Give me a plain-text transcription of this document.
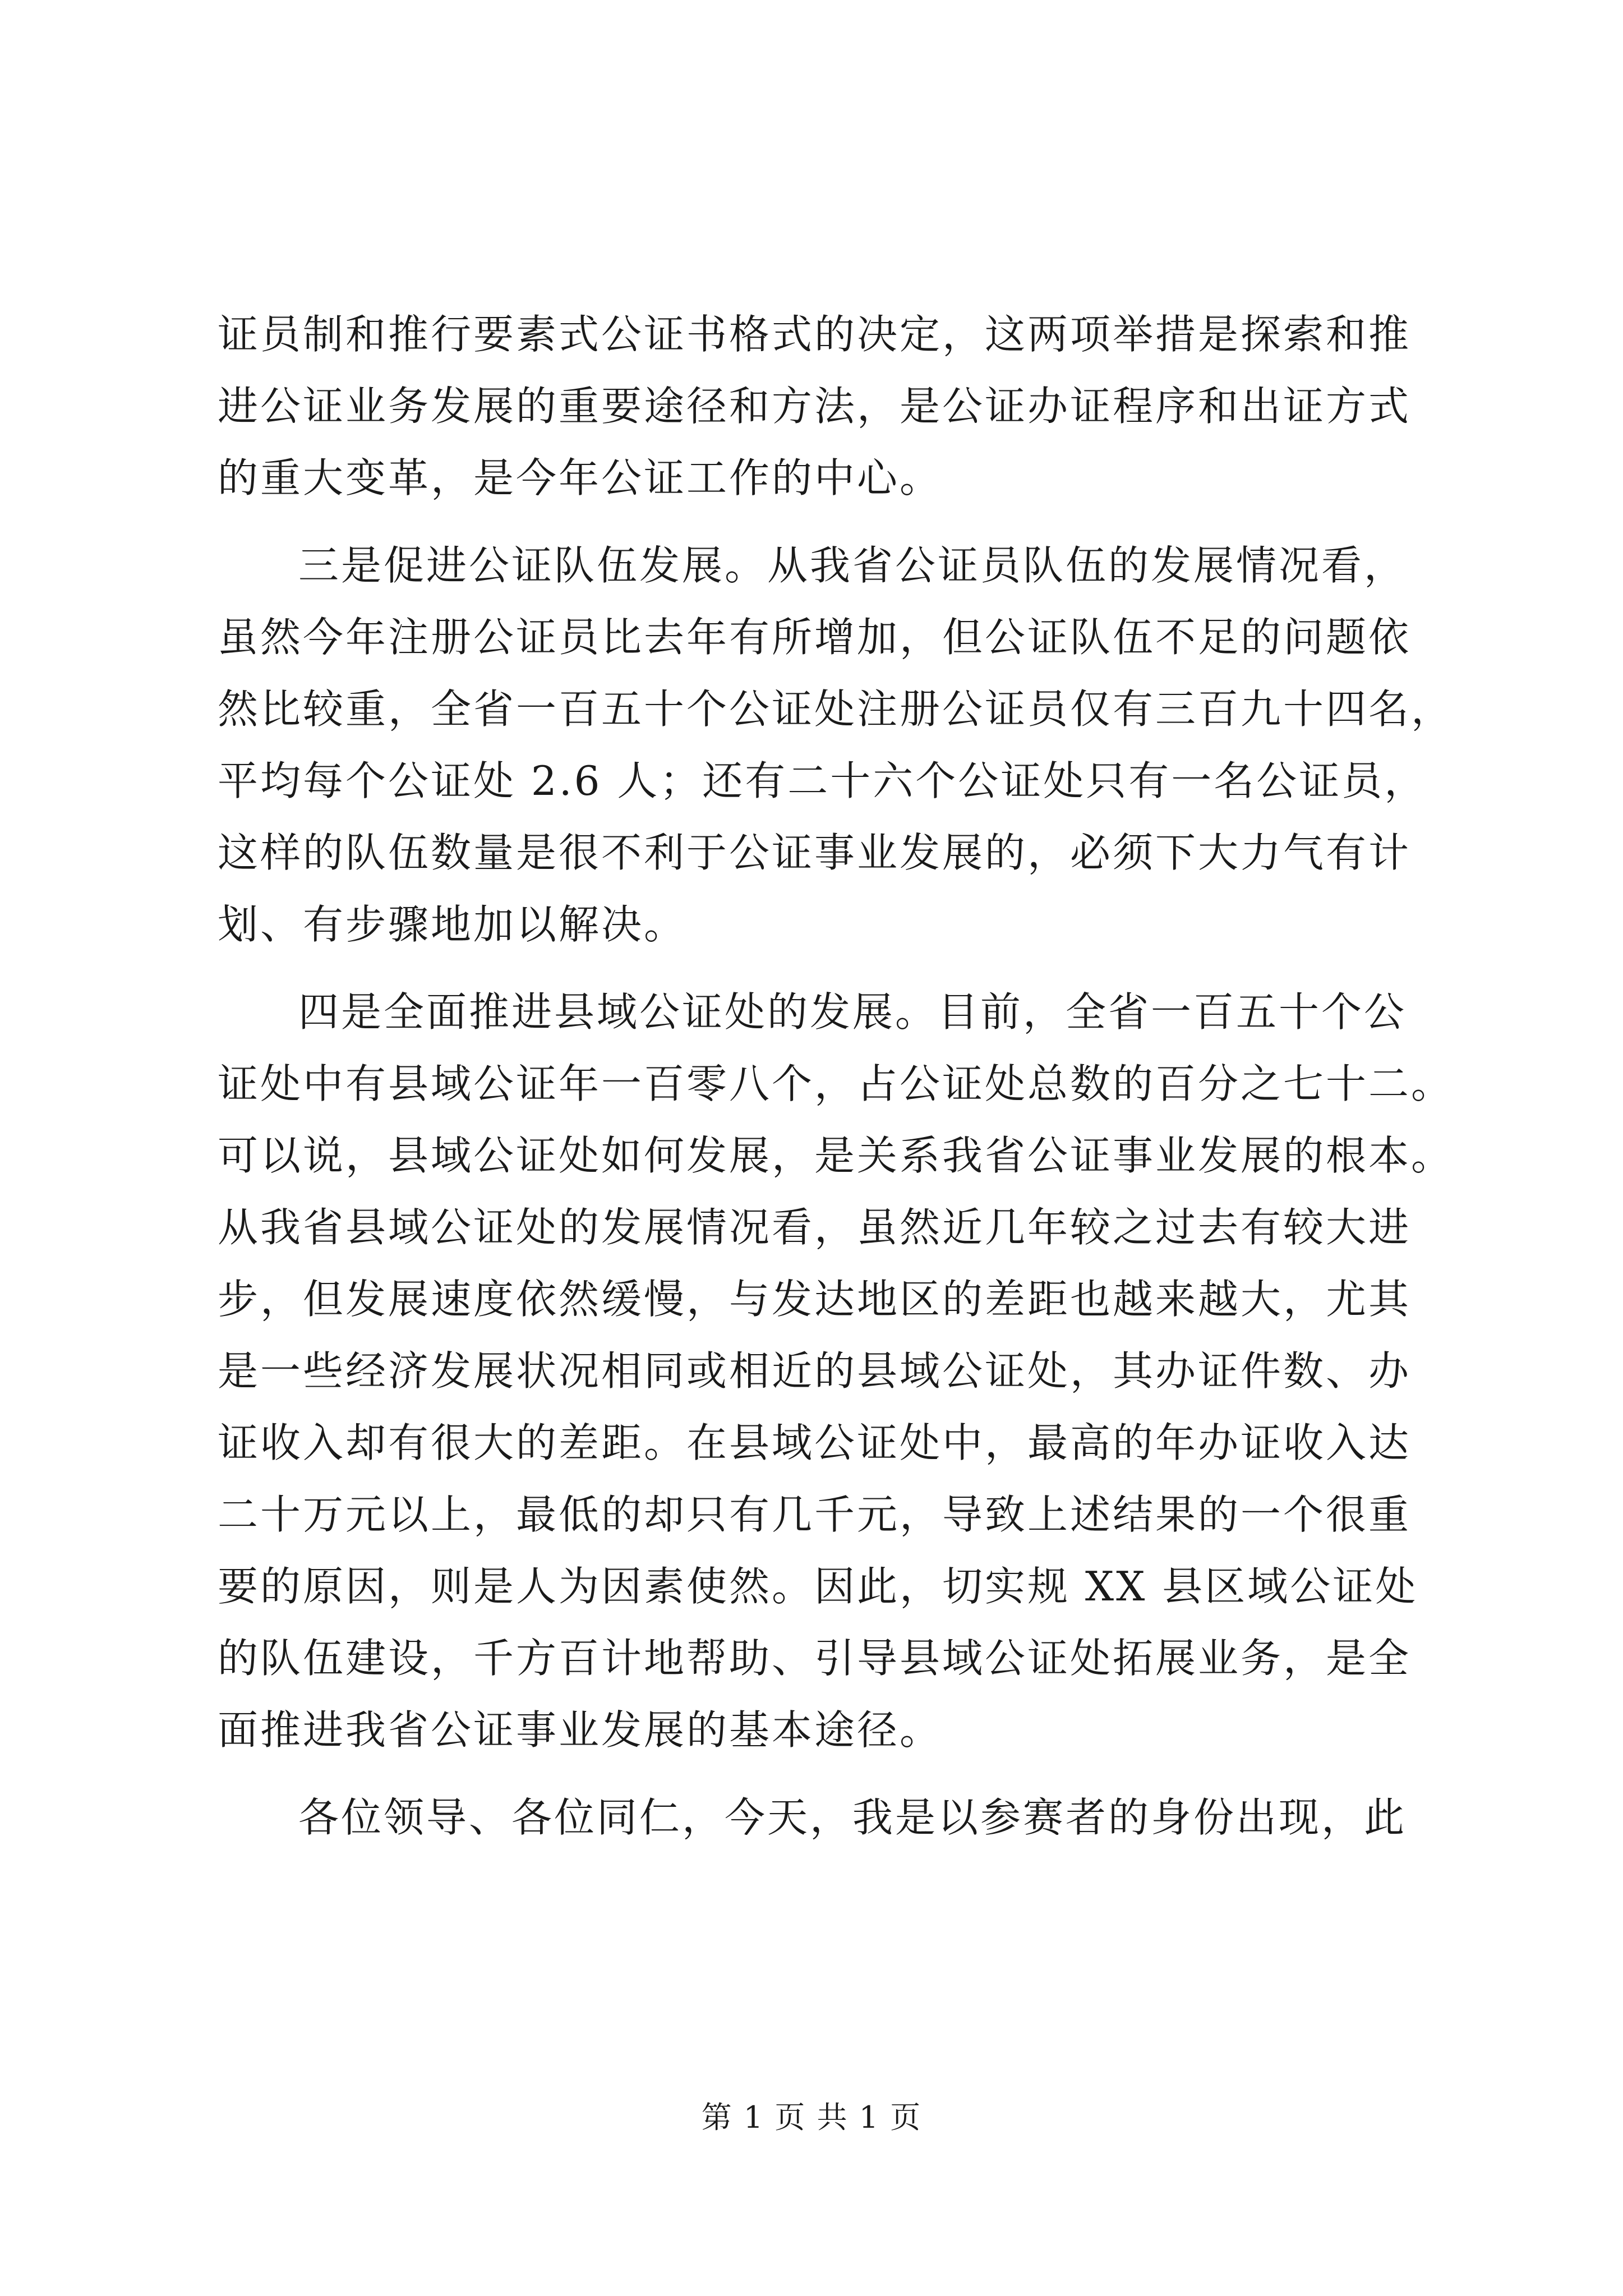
证员制和推行要素式公证书格式的决定，这两项举措是探索和推
进公证业务发展的重要途径和方法，是公证办证程序和出证方式
的重大变革，是今年公证工作的中心。
三是促进公证队伍发展。从我省公证员队伍的发展情况看，
虽然今年注册公证员比去年有所增加，但公证队伍不足的问题依
然比较重，全省一百五十个公证处注册公证员仅有三百九十四名，
平均每个公证处 2.6 人；还有二十六个公证处只有一名公证员，
这样的队伍数量是很不利于公证事业发展的，必须下大力气有计
划、有步骤地加以解决。
四是全面推进县域公证处的发展。目前，全省一百五十个公
证处中有县域公证年一百零八个，占公证处总数的百分之七十二。
可以说，县域公证处如何发展，是关系我省公证事业发展的根本。
从我省县域公证处的发展情况看，虽然近几年较之过去有较大进
步，但发展速度依然缓慢，与发达地区的差距也越来越大，尤其
是一些经济发展状况相同或相近的县域公证处，其办证件数、办
证收入却有很大的差距。在县域公证处中，最高的年办证收入达
二十万元以上，最低的却只有几千元，导致上述结果的一个很重
要的原因，则是人为因素使然。因此，切实规 XX 县区域公证处
的队伍建设，千方百计地帮助、引导县域公证处拓展业务，是全
面推进我省公证事业发展的基本途径。
各位领导、各位同仁，今天，我是以参赛者的身份出现，此
第 1 页 共 1 页
